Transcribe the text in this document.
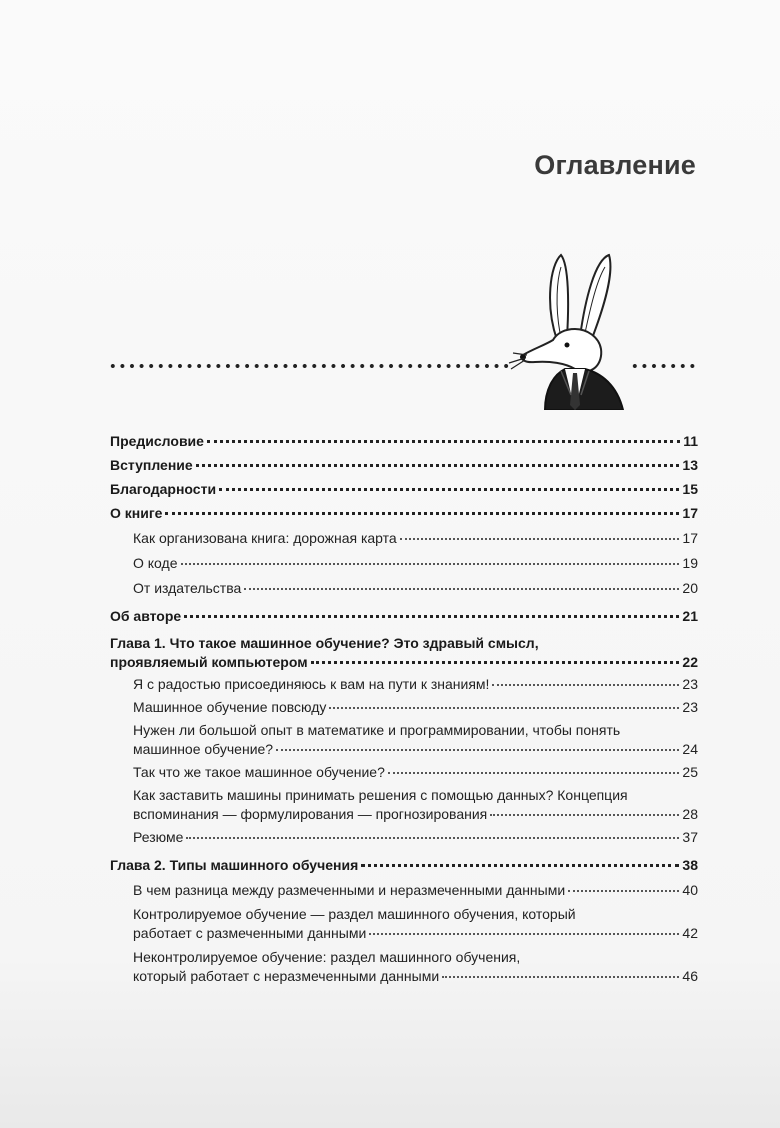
Оглавление
Предисловие	11
Вступление	13
Благодарности	15
О книге	17
Как организована книга: дорожная карта	17
О коде	19
От издательства	20
Об авторе	21
Глава 1. Что такое машинное обучение? Это здравый смысл,
проявляемый компьютером	22
Я с радостью присоединяюсь к вам на пути к знаниям!	23
Машинное обучение повсюду	23
Нужен ли большой опыт в математике и программировании, чтобы понять
машинное обучение?	24
Так что же такое машинное обучение?	25
Как заставить машины принимать решения с помощью данных? Концепция
вспоминания — формулирования — прогнозирования	28
Резюме	37
Глава 2. Типы машинного обучения	38
В чем разница между размеченными и неразмеченными данными	40
Контролируемое обучение — раздел машинного обучения, который
работает с размеченными данными	42
Неконтролируемое обучение: раздел машинного обучения,
который работает с неразмеченными данными	46
